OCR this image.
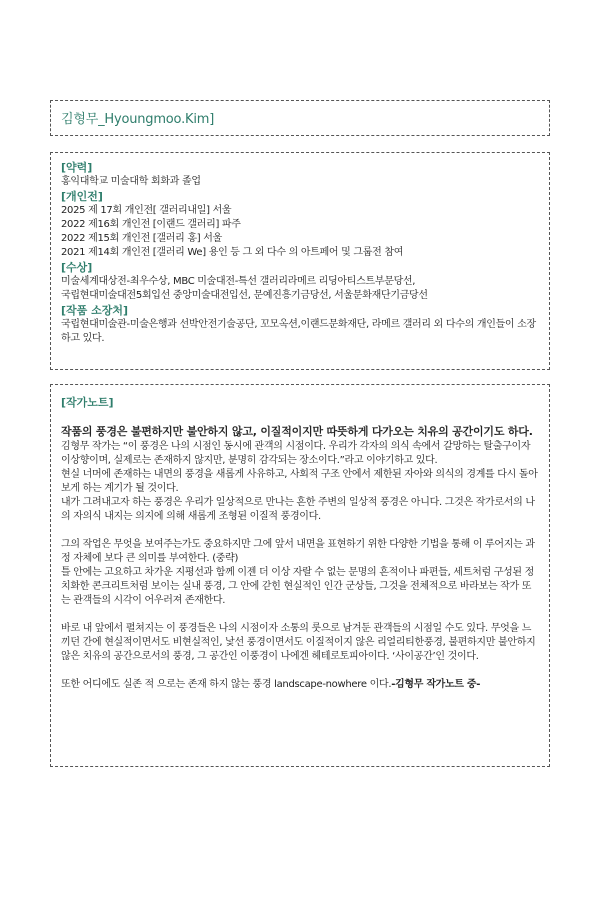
김형무_Hyoungmoo.Kim]
[약력]
홍익대학교 미술대학 회화과 졸업
[개인전]
2025 제 17회 개인전[ 갤러리내일] 서울
2022 제16회 개인전 [이랜드 갤러리] 파주
2022 제15회 개인전 [갤러리 홍] 서울
2021 제14회 개인전 [갤러리 We] 용인 등 그 외 다수 의 아트페어 및 그룹전 참여
[수상]
미술세계대상전-최우수상, MBC 미술대전-특선 갤러리라메르 리딩아티스트부문당선,
국립현대미술대전5회입선 중앙미술대전입선, 문예진흥기금당선, 서울문화재단기금당선
[작품 소장처]
국립현대미술관-미술은행과 선박안전기술공단, 꼬모옥션,이랜드문화재단, 라메르 갤러리 외 다수의 개인들이 소장하고 있다.
[작가노트]
작품의 풍경은 불편하지만 불안하지 않고, 이질적이지만 따뜻하게 다가오는 치유의 공간이기도 하다.

김형무 작가는 “이 풍경은 나의 시점인 동시에 관객의 시점이다. 우리가 각자의 의식 속에서 갈망하는 탈출구이자 이상향이며, 실제로는 존재하지 않지만, 분명히 감각되는 장소이다.”라고 이야기하고 있다.

현실 너머에 존재하는 내면의 풍경을 새롭게 사유하고, 사회적 구조 안에서 제한된 자아와 의식의 경계를 다시 돌아보게 하는 계기가 될 것이다.

내가 그려내고자 하는 풍경은 우리가 일상적으로 만나는 흔한 주변의 일상적 풍경은 아니다. 그것은 작가로서의 나의 자의식 내지는 의지에 의해 새롭게 조형된 이질적 풍경이다.

그의 작업은 무엇을 보여주는가도 중요하지만 그에 앞서 내면을 표현하기 위한 다양한 기법을 통해 이 루어지는 과정 자체에 보다 큰 의미를 부여한다. (중략)

틀 안에는 고요하고 차가운 지평선과 함께 이젠 더 이상 자랄 수 없는 문명의 흔적이나 파편들, 세트처럼 구성된 정치화한 콘크리트처럼 보이는 실내 풍경, 그 안에 갇힌 현실적인 인간 군상들, 그것을 전체적으로 바라보는 작가 또는 관객들의 시각이 어우러져 존재한다.

바로 내 앞에서 펼쳐지는 이 풍경들은 나의 시점이자 소통의 룻으로 남겨둔 관객들의 시점일 수도 있다. 무엇을 느끼던 간에 현실적이면서도 비현실적인, 낯선 풍경이면서도 이질적이지 않은 리얼리티한풍경, 불편하지만 불안하지 않은 치유의 공간으로서의 풍경, 그 공간인 이풍경이 나에겐 헤테로토피아이다. ‘사이공간’인 것이다.

또한 어디에도 실존 적 으로는 존재 하지 않는 풍경 landscape-nowhere 이다.-김형무 작가노트 중-
